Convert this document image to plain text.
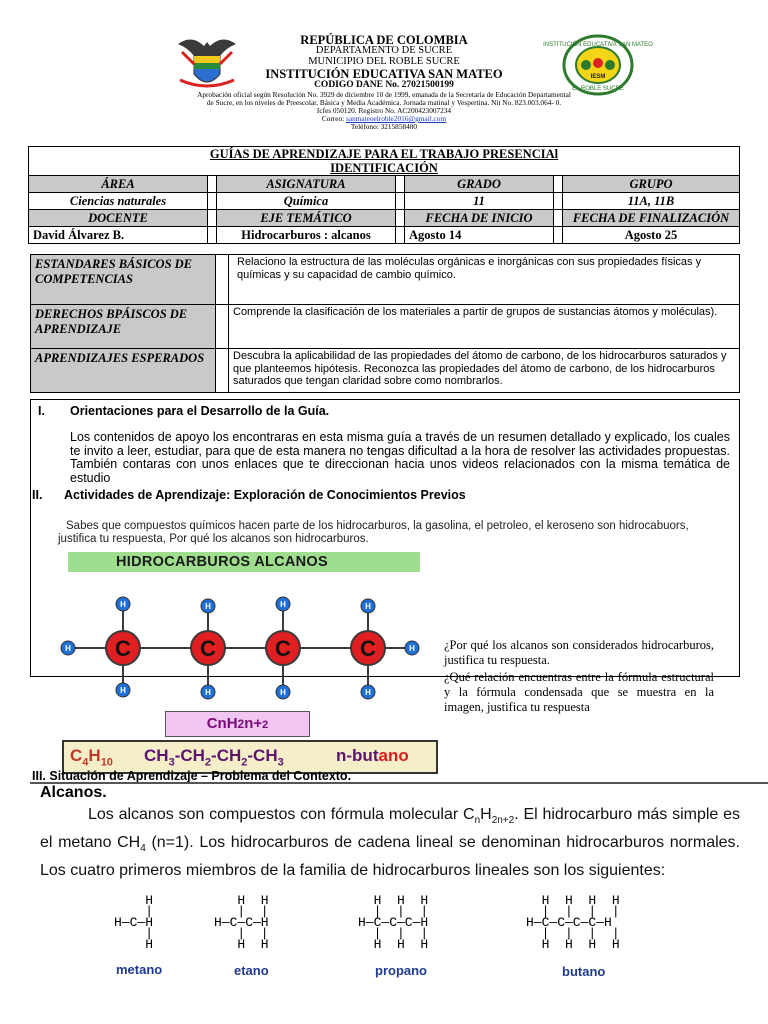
INSTITUCIÓN EDUCATIVA SAN MATEO
EL ROBLE SUCRE
IESM
REPÚBLICA DE COLOMBIA
DEPARTAMENTO DE SUCRE
MUNICIPIO DEL ROBLE SUCRE
INSTITUCIÓN EDUCATIVA SAN MATEO
CODIGO DANE No. 27021500199
Aprobación oficial según Resolución No. 3929 de diciembre 10 de 1999, emanada de la Secretaría de Educación Departamental
de Sucre, en los niveles de Preescolar, Básica y Media Académica. Jornada matinal y Vespertina. Nit No. 823.003.064- 0.
Icfes 050120. Registro No. AC200423007234
Correo: sanmateoelroble2016@gmail.com
Teléfono: 3215858480
GUÍAS DE APRENDIZAJE PARA EL TRABAJO PRESENCIAl						
IDENTIFICACIÓN						
ÁREA		ASIGNATURA		GRADO		GRUPO
Ciencias naturales		Química		11		11A, 11B
DOCENTE		EJE TEMÁTICO		FECHA DE INICIO		FECHA DE FINALIZACIÓN
David Álvarez B.		Hidrocarburos : alcanos		Agosto 14		Agosto 25
ESTANDARES BÁSICOS DE COMPETENCIAS		Relaciono la estructura de las moléculas orgánicas e inorgánicas con sus propiedades físicas y químicas y su capacidad de cambio químico.
DERECHOS BPÁISCOS DE APRENDIZAJE		Comprende la clasificación de los materiales a partir de grupos de sustancias átomos y moléculas).
APRENDIZAJES ESPERADOS		Descubra la aplicabilidad de las propiedades del átomo de carbono, de los hidrocarburos saturados y que planteemos hipótesis. Reconozca las propiedades del átomo de carbono, de los hidrocarburos saturados que tengan claridad sobre como nombrarlos.
I. Orientaciones para el Desarrollo de la Guía.
Los contenidos de apoyo los encontraras en esta misma guía a través de un resumen detallado y explicado, los cuales te invito a leer, estudiar, para que de esta manera no tengas dificultad a la hora de resolver las actividades propuestas. También contaras con unos enlaces que te direccionan hacia unos videos relacionados con la misma temática de estudio
II. Actividades de Aprendizaje: Exploración de Conocimientos Previos
Sabes que compuestos químicos hacen parte de los hidrocarburos, la gasolina, el petroleo, el keroseno son hidrocabuors, justifica tu respuesta, Por qué los alcanos son hidrocarburos.
HIDROCARBUROS ALCANOS
C	C	C	C
H	H	H	H
H	H
H	H	H	H
CnH2n+2
$C_4H_{10}$ $CH_3-CH_2-CH_2-CH_3$	n-butano
¿Por qué los alcanos son considerados hidrocarburos, justifica tu respuesta.
¿Qué relación encuentras entre la fórmula estructural y la fórmula condensada que se muestra en la imagen, justifica tu respuesta
III. Situación de Aprendizaje – Problema del Contexto.
Alcanos.
Los alcanos son compuestos con fórmula molecular $C_nH_{2n+2}$. El hidrocarburo más simple es el metano $CH_4$ (n=1). Los hidrocarburos de cadena lineal se denominan hidrocarburos normales. Los cuatro primeros miembros de la familia de hidrocarburos lineales son los siguientes:
H
|
H—C—H
|
H
H  H
|  |
H—C—C—H
|  |
H  H
H  H  H
|  |  |
H—C—C—C—H
|  |  |
H  H  H
H  H  H  H
|  |  |  |
H—C—C—C—C—H
|  |  |  |
H  H  H  H
metano	etano	propano	butano
